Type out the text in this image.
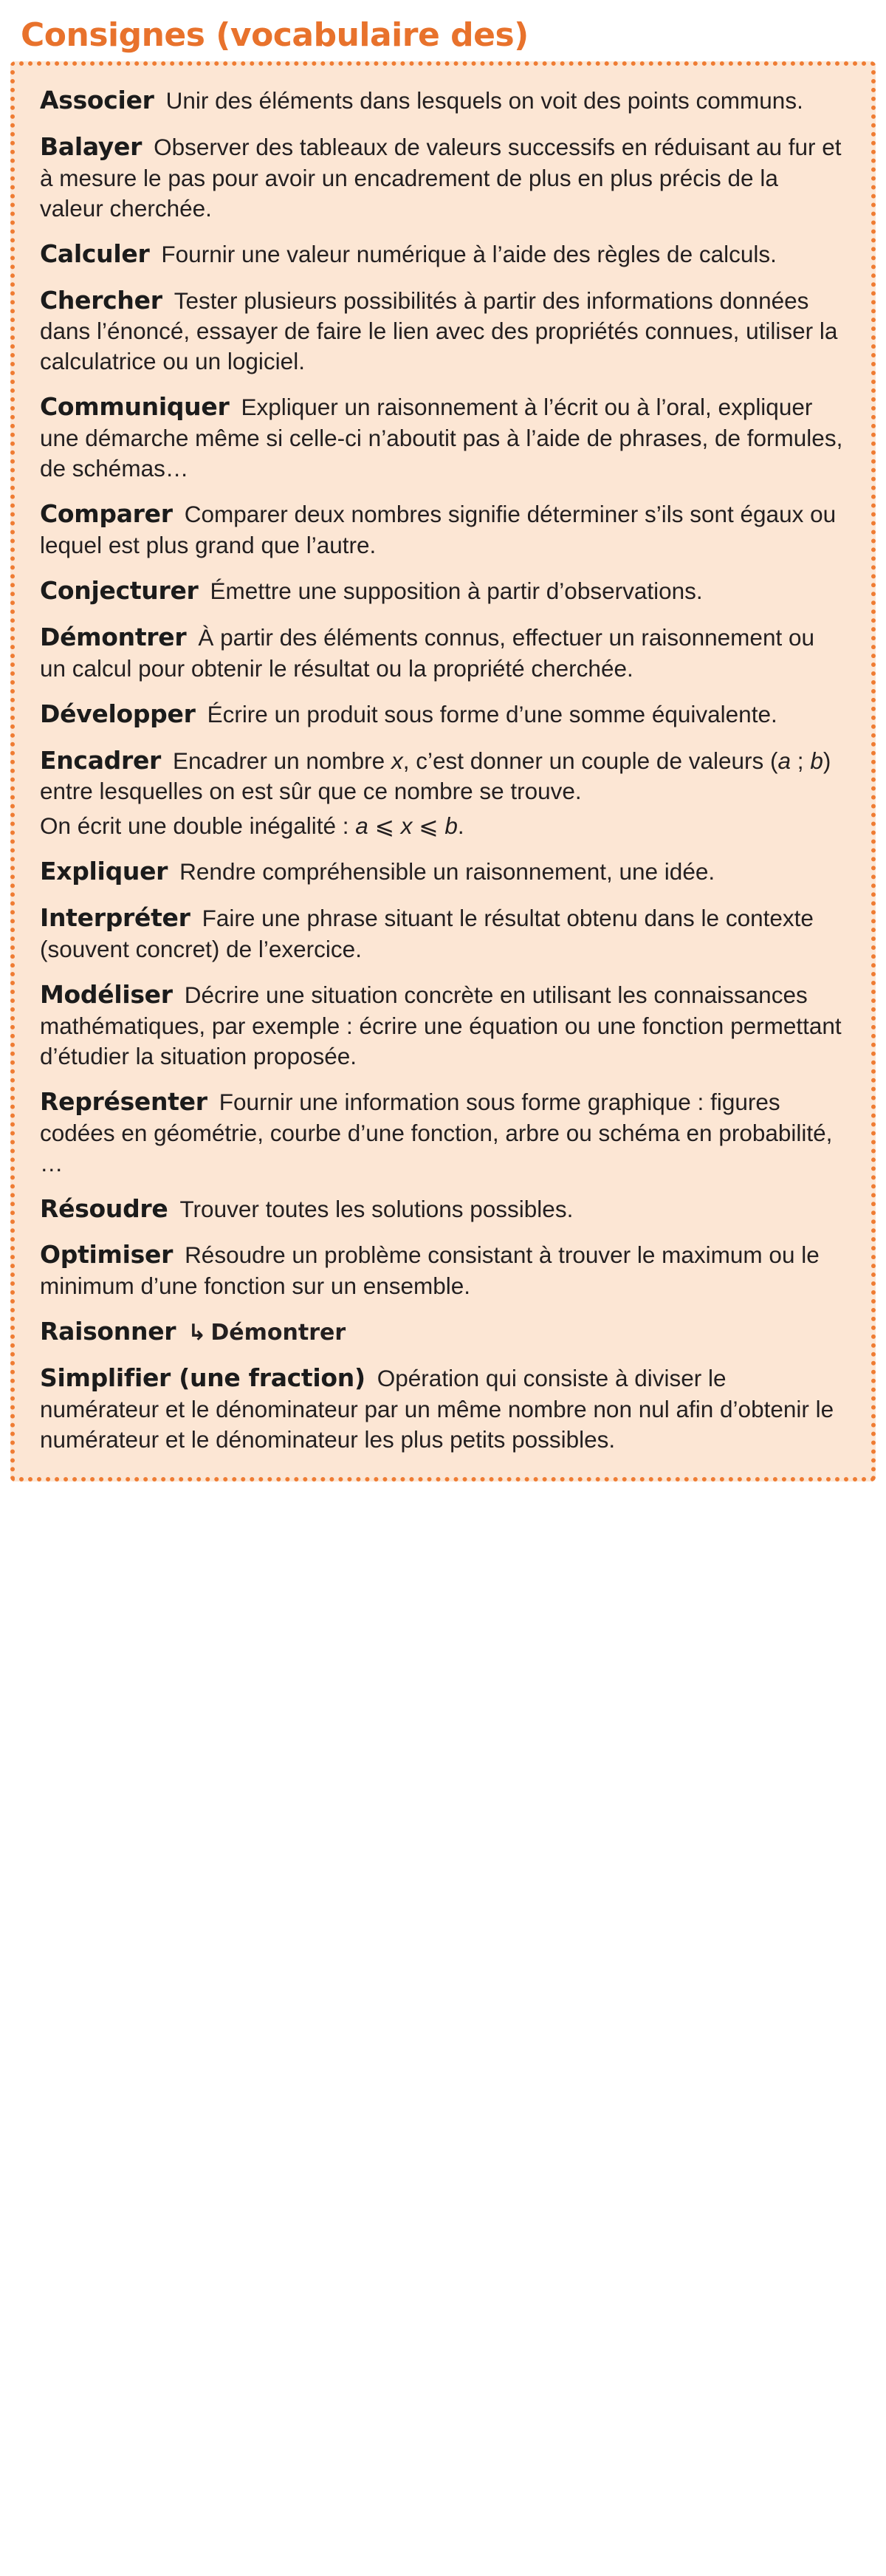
Consignes (vocabulaire des)
Associer Unir des éléments dans lesquels on voit des points communs.
Balayer Observer des tableaux de valeurs successifs en réduisant au fur et à mesure le pas pour avoir un encadrement de plus en plus précis de la valeur cherchée.
Calculer Fournir une valeur numérique à l’aide des règles de calculs.
Chercher Tester plusieurs possibilités à partir des informations données dans l’énoncé, essayer de faire le lien avec des propriétés connues, utiliser la calculatrice ou un logiciel.
Communiquer Expliquer un raisonnement à l’écrit ou à l’oral, expliquer une démarche même si celle-ci n’aboutit pas à l’aide de phrases, de formules, de schémas…
Comparer Comparer deux nombres signifie déterminer s’ils sont égaux ou lequel est plus grand que l’autre.
Conjecturer Émettre une supposition à partir d’observations.
Démontrer À partir des éléments connus, effectuer un raisonnement ou un calcul pour obtenir le résultat ou la propriété cherchée.
Développer Écrire un produit sous forme d’une somme équivalente.
Encadrer Encadrer un nombre x, c’est donner un couple de valeurs (a ; b) entre lesquelles on est sûr que ce nombre se trouve.
On écrit une double inégalité : a ⩽ x ⩽ b.
Expliquer Rendre compréhensible un raisonnement, une idée.
Interpréter Faire une phrase situant le résultat obtenu dans le contexte (souvent concret) de l’exercice.
Modéliser Décrire une situation concrète en utilisant les connaissances mathématiques, par exemple : écrire une équation ou une fonction permettant d’étudier la situation proposée.
Représenter Fournir une information sous forme graphique : figures codées en géométrie, courbe d’une fonction, arbre ou schéma en probabilité, …
Résoudre Trouver toutes les solutions possibles.
Optimiser Résoudre un problème consistant à trouver le maximum ou le minimum d’une fonction sur un ensemble.
Raisonner ↳ Démontrer
Simplifier (une fraction) Opération qui consiste à diviser le numérateur et le dénominateur par un même nombre non nul afin d’obtenir le numérateur et le dénominateur les plus petits possibles.
